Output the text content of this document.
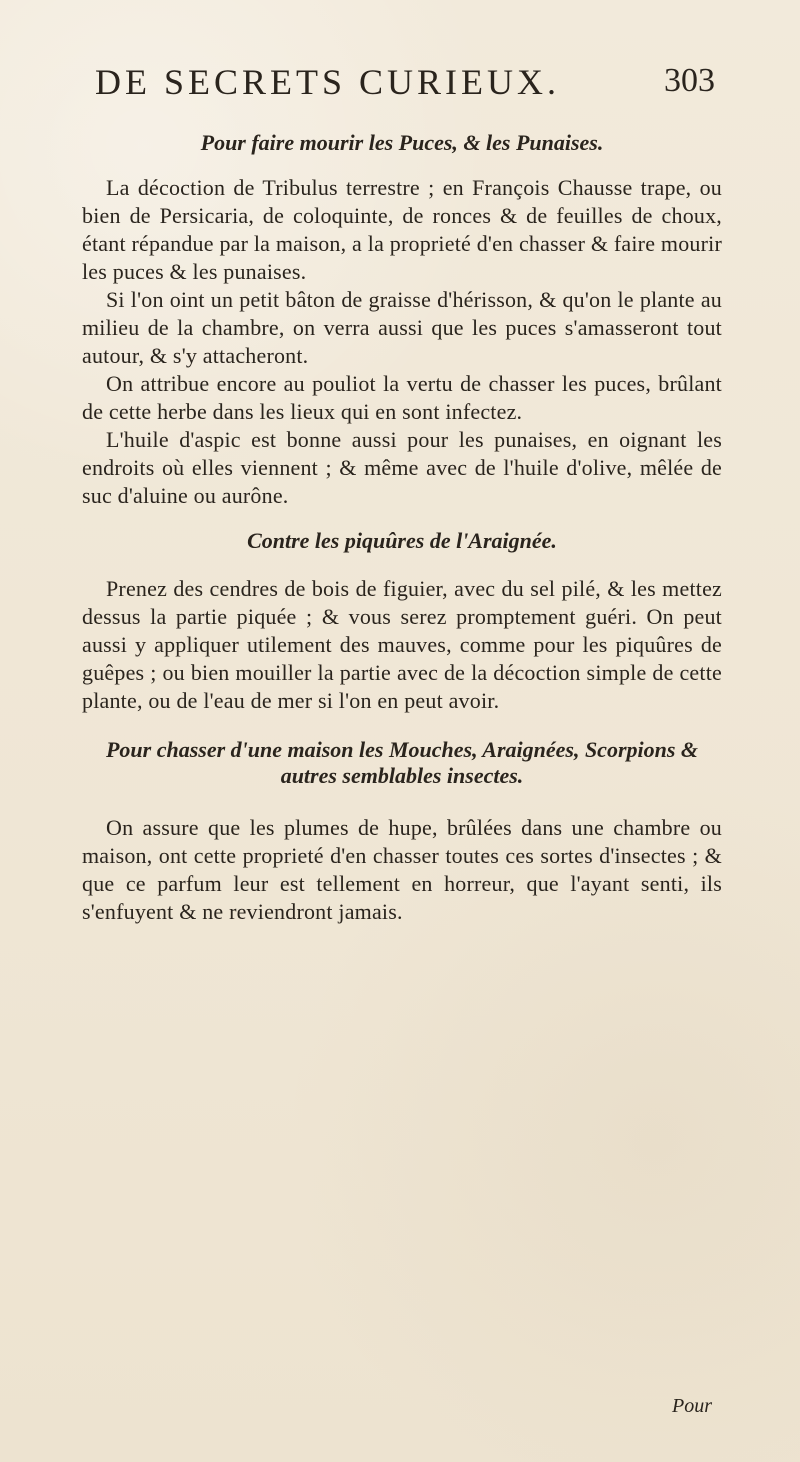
DE SECRETS CURIEUX.	303
Pour faire mourir les Puces, & les Punaises.

La décoction de Tribulus terrestre ; en François Chausse trape, ou bien de Persicaria, de coloquinte, de ronces & de feuilles de choux, étant répandue par la maison, a la proprieté d'en chasser & faire mourir les puces & les punaises.

Si l'on oint un petit bâton de graisse d'hérisson, & qu'on le plante au milieu de la chambre, on verra aussi que les puces s'amasseront tout autour, & s'y attacheront.

On attribue encore au pouliot la vertu de chasser les puces, brûlant de cette herbe dans les lieux qui en sont infectez.

L'huile d'aspic est bonne aussi pour les punaises, en oignant les endroits où elles viennent ; & même avec de l'huile d'olive, mêlée de suc d'aluine ou aurône.

Contre les piquûres de l'Araignée.

Prenez des cendres de bois de figuier, avec du sel pilé, & les mettez dessus la partie piquée ; & vous serez promptement guéri. On peut aussi y appliquer utilement des mauves, comme pour les piquûres de guêpes ; ou bien mouiller la partie avec de la décoction simple de cette plante, ou de l'eau de mer si l'on en peut avoir.

Pour chasser d'une maison les Mouches, Araignées, Scorpions & autres semblables insectes.

On assure que les plumes de hupe, brûlées dans une chambre ou maison, ont cette proprieté d'en chasser toutes ces sortes d'insectes ; & que ce parfum leur est tellement en horreur, que l'ayant senti, ils s'enfuyent & ne reviendront jamais.

Pour
